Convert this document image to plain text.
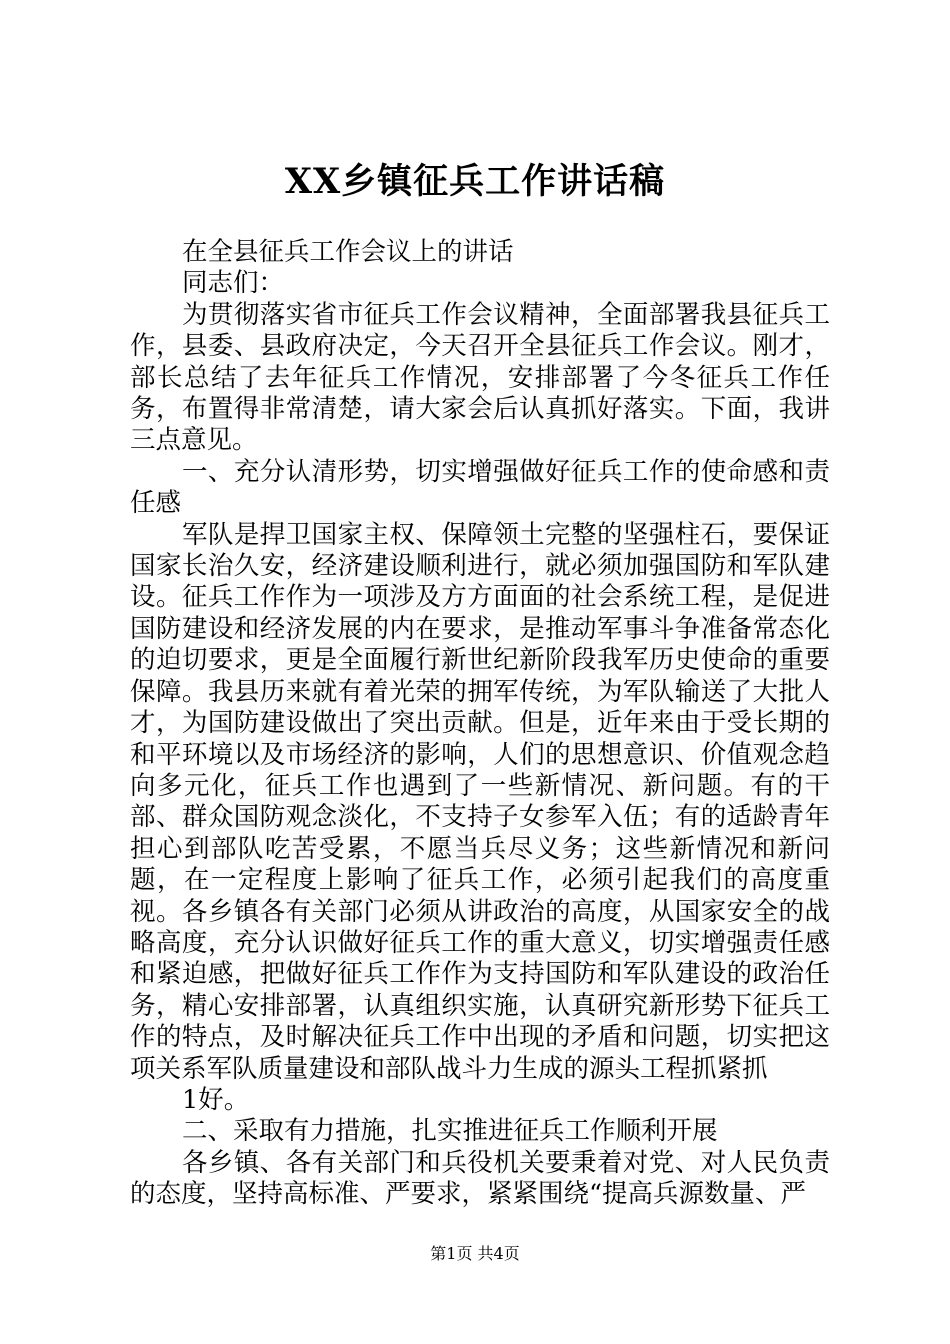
XX乡镇征兵工作讲话稿

在全县征兵工作会议上的讲话

同志们：

为贯彻落实省市征兵工作会议精神，全面部署我县征兵工作，县委、县政府决定，今天召开全县征兵工作会议。刚才，部长总结了去年征兵工作情况，安排部署了今冬征兵工作任务，布置得非常清楚，请大家会后认真抓好落实。下面，我讲三点意见。

一、充分认清形势，切实增强做好征兵工作的使命感和责任感

军队是捍卫国家主权、保障领土完整的坚强柱石，要保证国家长治久安，经济建设顺利进行，就必须加强国防和军队建设。征兵工作作为一项涉及方方面面的社会系统工程，是促进国防建设和经济发展的内在要求，是推动军事斗争准备常态化的迫切要求，更是全面履行新世纪新阶段我军历史使命的重要保障。我县历来就有着光荣的拥军传统，为军队输送了大批人才，为国防建设做出了突出贡献。但是，近年来由于受长期的和平环境以及市场经济的影响，人们的思想意识、价值观念趋向多元化，征兵工作也遇到了一些新情况、新问题。有的干部、群众国防观念淡化，不支持子女参军入伍；有的适龄青年担心到部队吃苦受累，不愿当兵尽义务；这些新情况和新问题，在一定程度上影响了征兵工作，必须引起我们的高度重视。各乡镇各有关部门必须从讲政治的高度，从国家安全的战略高度，充分认识做好征兵工作的重大意义，切实增强责任感和紧迫感，把做好征兵工作作为支持国防和军队建设的政治任务，精心安排部署，认真组织实施，认真研究新形势下征兵工作的特点，及时解决征兵工作中出现的矛盾和问题，切实把这项关系军队质量建设和部队战斗力生成的源头工程抓紧抓

1好。

二、采取有力措施，扎实推进征兵工作顺利开展

各乡镇、各有关部门和兵役机关要秉着对党、对人民负责的态度，坚持高标准、严要求，紧紧围绕“提高兵源数量、严

第1页 共4页
